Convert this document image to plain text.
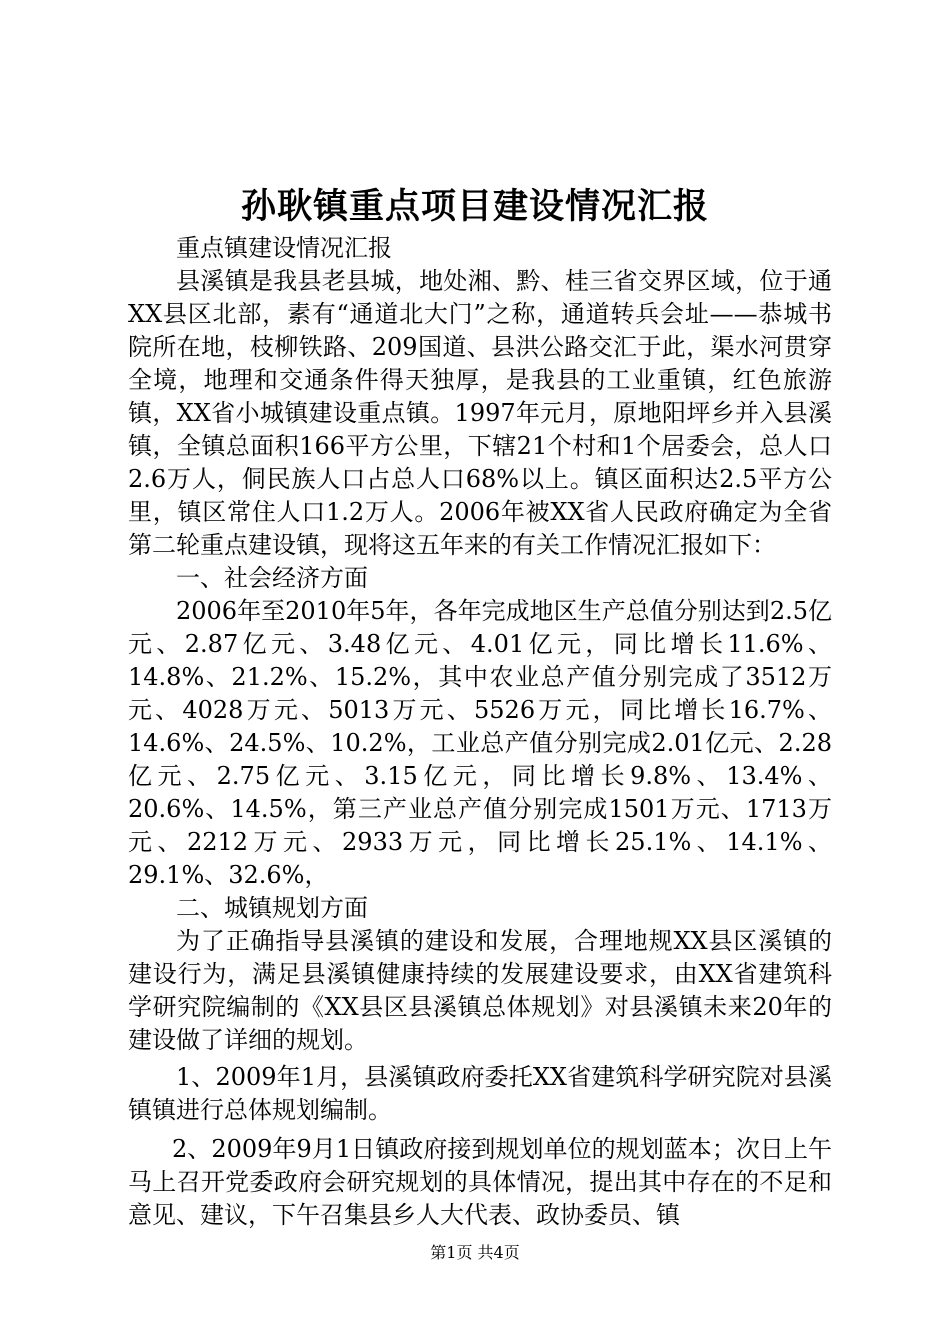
孙耿镇重点项目建设情况汇报

重点镇建设情况汇报

县溪镇是我县老县城，地处湘、黔、桂三省交界区域，位于通XX县区北部，素有“通道北大门”之称，通道转兵会址——恭城书院所在地，枝柳铁路、209国道、县洪公路交汇于此，渠水河贯穿全境，地理和交通条件得天独厚，是我县的工业重镇，红色旅游镇，XX省小城镇建设重点镇。1997年元月，原地阳坪乡并入县溪镇，全镇总面积166平方公里，下辖21个村和1个居委会，总人口2.6万人，侗民族人口占总人口68%以上。镇区面积达2.5平方公里，镇区常住人口1.2万人。2006年被XX省人民政府确定为全省第二轮重点建设镇，现将这五年来的有关工作情况汇报如下：

一、社会经济方面

2006年至2010年5年，各年完成地区生产总值分别达到2.5亿元、2.87亿元、3.48亿元、4.01亿元，同比增长11.6%、14.8%、21.2%、15.2%，其中农业总产值分别完成了3512万元、4028万元、5013万元、5526万元，同比增长16.7%、14.6%、24.5%、10.2%，工业总产值分别完成2.01亿元、2.28亿元、2.75亿元、3.15亿元，同比增长9.8%、13.4%、20.6%、14.5%，第三产业总产值分别完成1501万元、1713万元、2212万元、2933万元，同比增长25.1%、14.1%、29.1%、32.6%，

二、城镇规划方面

为了正确指导县溪镇的建设和发展，合理地规XX县区溪镇的建设行为，满足县溪镇健康持续的发展建设要求，由XX省建筑科学研究院编制的《XX县区县溪镇总体规划》对县溪镇未来20年的建设做了详细的规划。

1、2009年1月，县溪镇政府委托XX省建筑科学研究院对县溪镇镇进行总体规划编制。

2、2009年9月1日镇政府接到规划单位的规划蓝本；次日上午马上召开党委政府会研究规划的具体情况，提出其中存在的不足和意见、建议，下午召集县乡人大代表、政协委员、镇

第1页 共4页
